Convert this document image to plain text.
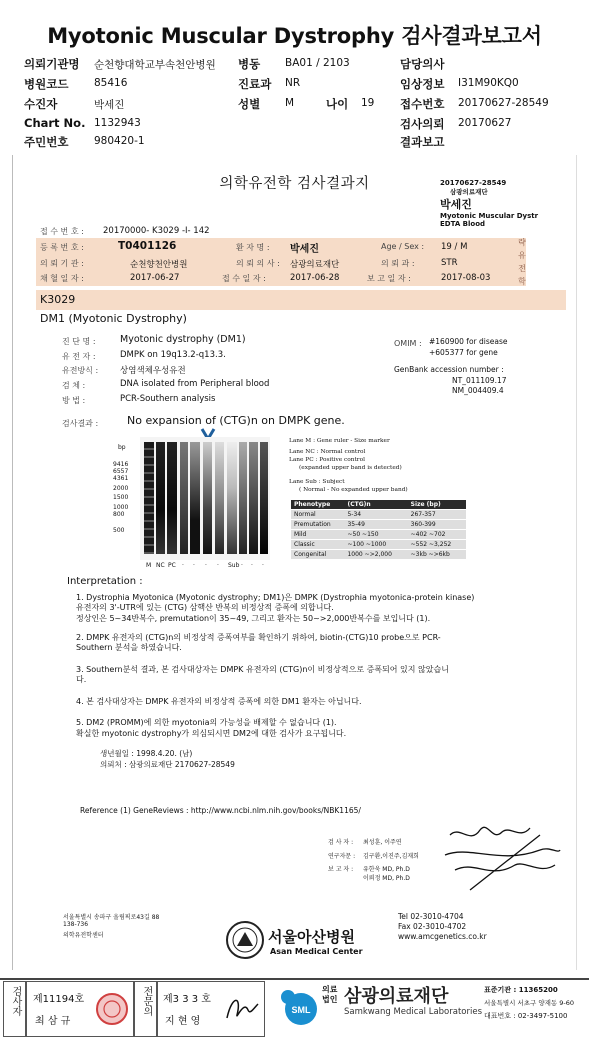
Myotonic Muscular Dystrophy 검사결과보고서
의뢰기관명 순천향대학교부속천안병원 병동 BA01 / 2103	담당의사
병원코드 85416	진료과 NR	임상정보 I31M90KQ0
수진자	박세진	성별 M	나이 19 접수번호 20170627-28549
Chart No. 1132943	검사의뢰 20170627
주민번호 980420-1	결과보고
의학유전학 검사결과지	20170627-28549
삼광의료재단
박세진
Myotonic Muscular Dystr
EDTA Blood
접 수 번 호 : 20170000- K3029 -I- 142
등 록 번 호 :	T0401126	환 자 명 : 박세진	Age / Sex : 19 / M
의 뢰 기 관 :	순천향천안병원	의 뢰 의 사 : 삼광의료재단	의 뢰 과 :	STR
채 혈 일 자 :	2017-06-27	접 수 일 자 :	2017-06-28	보 고 일 자 :	2017-08-03
략
유
전
학
K3029
DM1 (Myotonic Dystrophy)
진 단 명 :	Myotonic dystrophy (DM1)
유 전 자 :	DMPK on 19q13.2-q13.3.
유전방식 :	상염색체우성유전
검 체 :	DNA isolated from Peripheral blood
방 법 :	PCR-Southern analysis
OMIM : #160900 for disease
+605377 for gene
GenBank accession number :
NT_011109.17
NM_004409.4
검사결과 :	No expansion of (CTG)n on DMPK gene.
bp
9416
6557
4361
2000
1500
1000
800
500
M NC PC · · · · Sub · · ·
Lane M : Gene ruler - Size marker
Lane NC : Normal control
Lane PC : Positive control
(expanded upper band is detected)
Lane Sub : Subject
( Normal - No expanded upper band)
Phenotype	(CTG)n	Size (bp)
Normal	5-34	267-357
Premutation	35-49	360-399
Mild	~50 ~150	~402 ~702
Classic	~100 ~1000	~552 ~3,252
Congenital	1000 ~>2,000	~3kb ~>6kb
Interpretation :
1. Dystrophia Myotonica (Myotonic dystrophy; DM1)은 DMPK (Dystrophia myotonica-protein kinase)
유전자의 3'-UTR에 있는 (CTG) 삼핵산 반복의 비정상적 증폭에 의합니다.
정상인은 5~34반복수, premutation이 35~49, 그리고 환자는 50~>2,000반복수를 보입니다 (1).
2. DMPK 유전자의 (CTG)n의 비정상적 증폭여부를 확인하기 위하여, biotin-(CTG)10 probe으로 PCR-
Southern 분석을 하였습니다.
3. Southern분석 결과, 본 검사대상자는 DMPK 유전자의 (CTG)n이 비정상적으로 증폭되어 있지 않았습니
다.
4. 본 검사대상자는 DMPK 유전자의 비정상적 증폭에 의한 DM1 환자는 아닙니다.
5. DM2 (PROMM)에 의한 myotonia의 가능성을 배제할 수 없습니다 (1).
확실한 myotonic dystrophy가 의심되시면 DM2에 대한 검사가 요구됩니다.
생년월일 : 1998.4.20. (남)
의뢰처 : 삼광의료재단 2170627-28549
Reference (1) GeneReviews : http://www.ncbi.nlm.nih.gov/books/NBK1165/
검 사 자 : 최성훈, 이주연
연구자문 : 김구환,이진주,김재희
보 고 자 : 유한욱 MD, Ph.D
이뢰정 MD, Ph.D
서울특별시 송파구 올림픽로43길 88
138-736
의학유전학센터	서울아산병원
Asan Medical Center
Tel 02-3010-4704
Fax 02-3010-4702
www.amcgenetics.co.kr
검사자 제11194호
최 삼 규
전문의 제3 3 3 호
지 현 영
SML
의료법인 삼광의료재단
Samkwang Medical Laboratories
표준기관 : 11365200
서울특별시 서초구 양재동 9-60
대표번호 : 02-3497-5100
